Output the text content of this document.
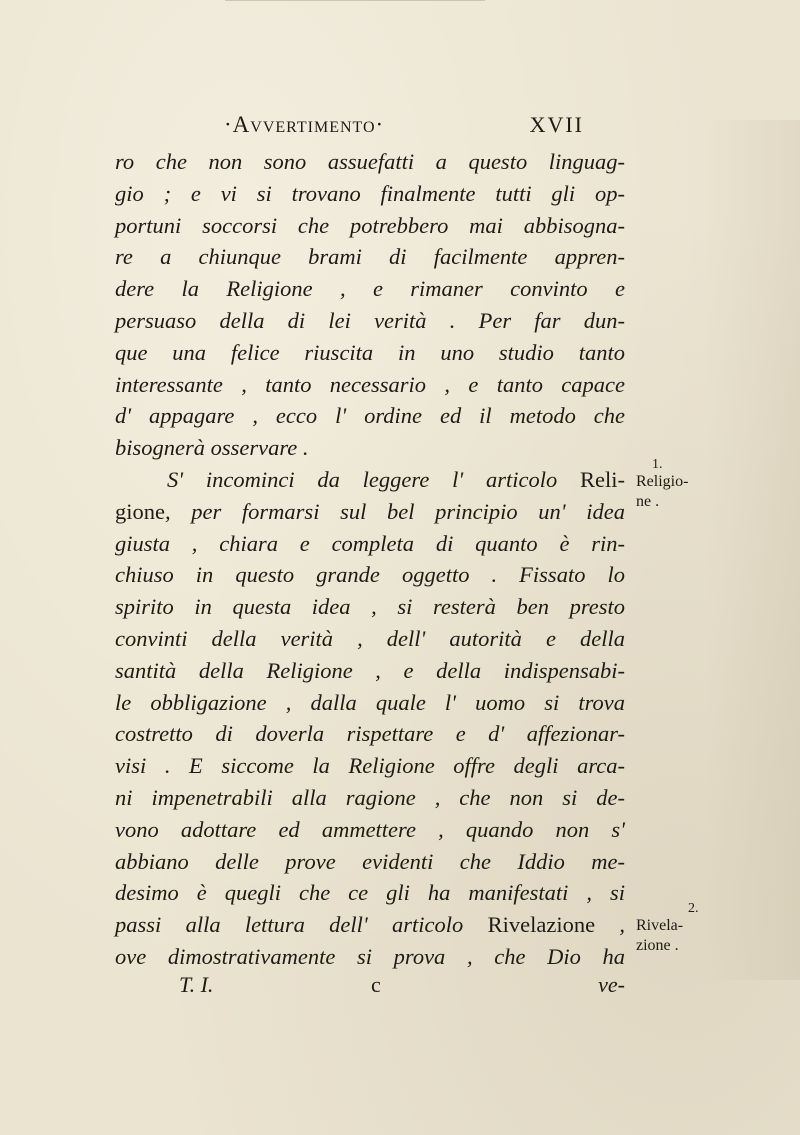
·Avvertimento·	XVII
ro che non sono assuefatti a questo linguag-
gio ; e vi si trovano finalmente tutti gli op-
portuni soccorsi che potrebbero mai abbisogna-
re a chiunque brami di facilmente appren-
dere la Religione , e rimaner convinto e
persuaso della di lei verità . Per far dun-
que una felice riuscita in uno studio tanto
interessante , tanto necessario , e tanto capace
d' appagare , ecco l' ordine ed il metodo che
bisognerà osservare .
S' incominci da leggere l' articolo Reli-
gione, per formarsi sul bel principio un' idea
giusta , chiara e completa di quanto è rin-
chiuso in questo grande oggetto . Fissato lo
spirito in questa idea , si resterà ben presto
convinti della verità , dell' autorità e della
santità della Religione , e della indispensabi-
le obbligazione , dalla quale l' uomo si trova
costretto di doverla rispettare e d' affezionar-
visi . E siccome la Religione offre degli arca-
ni impenetrabili alla ragione , che non si de-
vono adottare ed ammettere , quando non s'
abbiano delle prove evidenti che Iddio me-
desimo è quegli che ce gli ha manifestati , si
passi alla lettura dell' articolo Rivelazione ,
ove dimostrativamente si prova , che Dio ha
1.
Religio-
ne .
2.
Rivela-
zione .
T. I.	c	ve-
